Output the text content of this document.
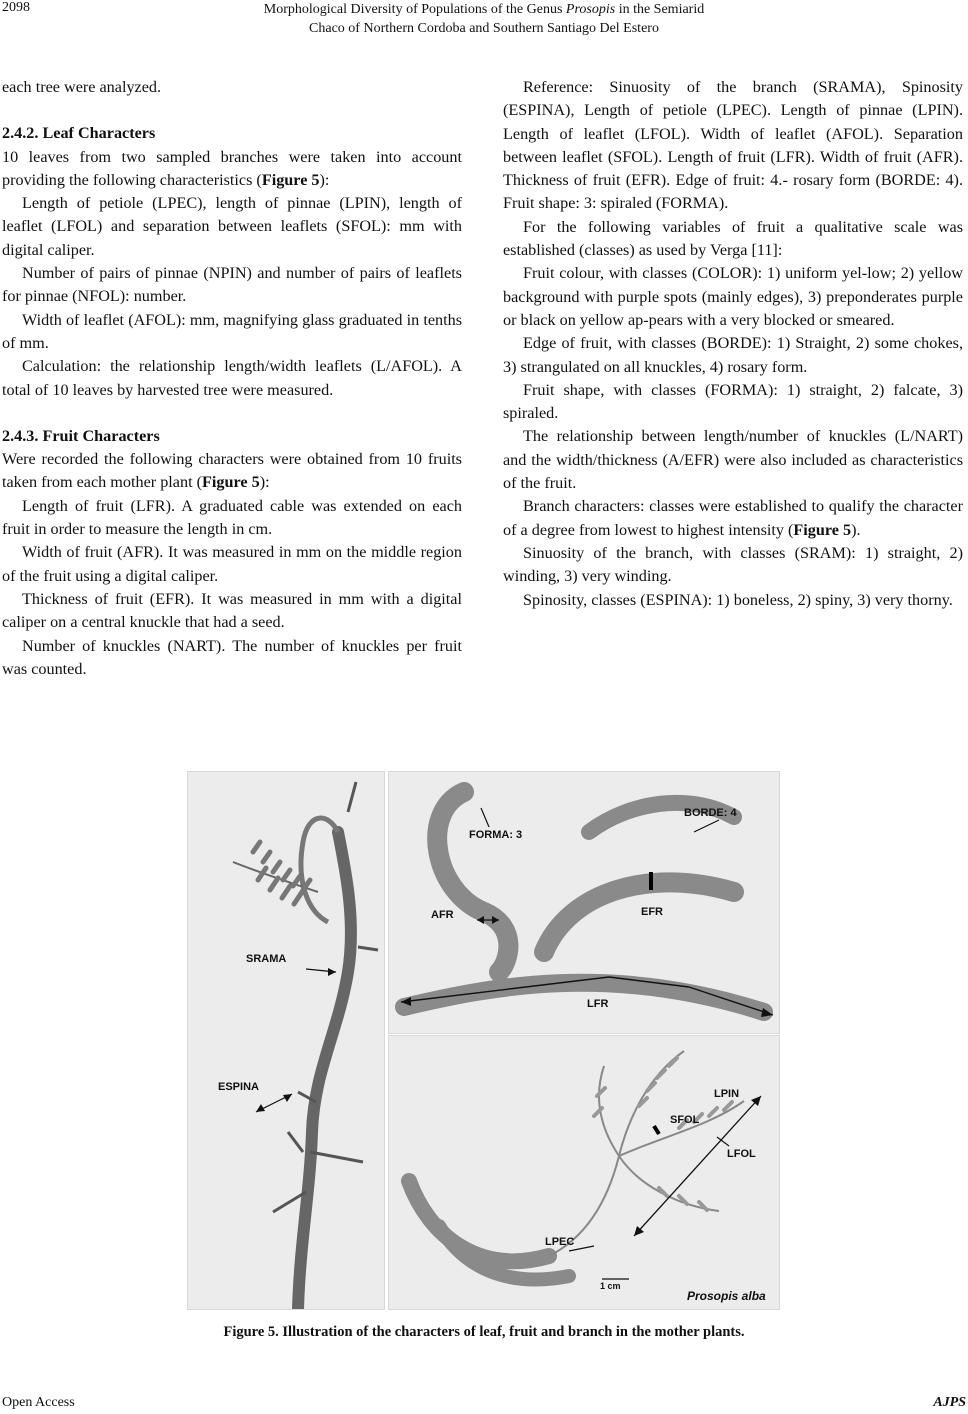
2098	Morphological Diversity of Populations of the Genus Prosopis in the Semiarid
Chaco of Northern Cordoba and Southern Santiago Del Estero

each tree were analyzed.

2.4.2. Leaf Characters

10 leaves from two sampled branches were taken into account providing the following characteristics (Figure 5):

Length of petiole (LPEC), length of pinnae (LPIN), length of leaflet (LFOL) and separation between leaflets (SFOL): mm with digital caliper.

Number of pairs of pinnae (NPIN) and number of pairs of leaflets for pinnae (NFOL): number.

Width of leaflet (AFOL): mm, magnifying glass graduated in tenths of mm.

Calculation: the relationship length/width leaflets (L/AFOL). A total of 10 leaves by harvested tree were measured.

2.4.3. Fruit Characters

Were recorded the following characters were obtained from 10 fruits taken from each mother plant (Figure 5):

Length of fruit (LFR). A graduated cable was extended on each fruit in order to measure the length in cm.

Width of fruit (AFR). It was measured in mm on the middle region of the fruit using a digital caliper.

Thickness of fruit (EFR). It was measured in mm with a digital caliper on a central knuckle that had a seed.

Number of knuckles (NART). The number of knuckles per fruit was counted.

Reference: Sinuosity of the branch (SRAMA), Spinosity (ESPINA), Length of petiole (LPEC). Length of pinnae (LPIN). Length of leaflet (LFOL). Width of leaflet (AFOL). Separation between leaflet (SFOL). Length of fruit (LFR). Width of fruit (AFR). Thickness of fruit (EFR). Edge of fruit: 4.- rosary form (BORDE: 4). Fruit shape: 3: spiraled (FORMA).

For the following variables of fruit a qualitative scale was established (classes) as used by Verga [11]:

Fruit colour, with classes (COLOR): 1) uniform yel-low; 2) yellow background with purple spots (mainly edges), 3) preponderates purple or black on yellow ap-pears with a very blocked or smeared.

Edge of fruit, with classes (BORDE): 1) Straight, 2) some chokes, 3) strangulated on all knuckles, 4) rosary form.

Fruit shape, with classes (FORMA): 1) straight, 2) falcate, 3) spiraled.

The relationship between length/number of knuckles (L/NART) and the width/thickness (A/EFR) were also included as characteristics of the fruit.

Branch characters: classes were established to qualify the character of a degree from lowest to highest intensity (Figure 5).

Sinuosity of the branch, with classes (SRAM): 1) straight, 2) winding, 3) very winding.

Spinosity, classes (ESPINA): 1) boneless, 2) spiny, 3) very thorny.

SRAMA
ESPINA
FORMA: 3
BORDE: 4
AFR	EFR
LFR
LPIN
SFOL
LFOL
LPEC
1 cm
Prosopis alba
Figure 5. Illustration of the characters of leaf, fruit and branch in the mother plants.
Open Access	AJPS
